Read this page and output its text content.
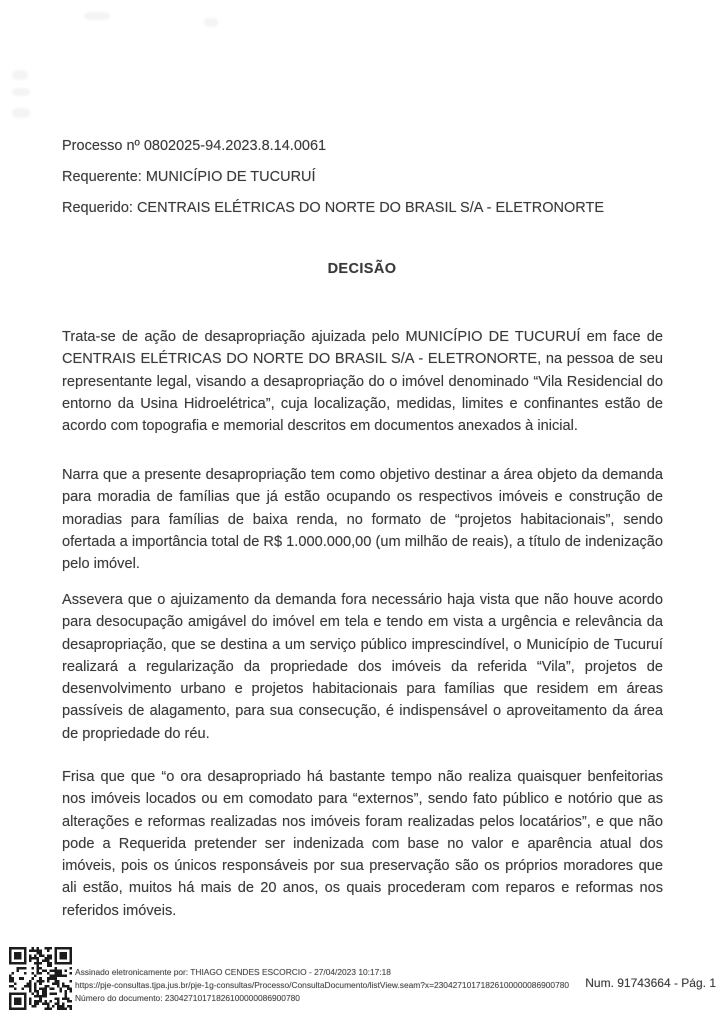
Processo nº 0802025-94.2023.8.14.0061
Requerente: MUNICÍPIO DE TUCURUÍ
Requerido: CENTRAIS ELÉTRICAS DO NORTE DO BRASIL S/A - ELETRONORTE
DECISÃO
Trata-se de ação de desapropriação ajuizada pelo MUNICÍPIO DE TUCURUÍ em face de CENTRAIS ELÉTRICAS DO NORTE DO BRASIL S/A - ELETRONORTE, na pessoa de seu representante legal, visando a desapropriação do o imóvel denominado “Vila Residencial do entorno da Usina Hidroelétrica”, cuja localização, medidas, limites e confinantes estão de acordo com topografia e memorial descritos em documentos anexados à inicial.
Narra que a presente desapropriação tem como objetivo destinar a área objeto da demanda para moradia de famílias que já estão ocupando os respectivos imóveis e construção de moradias para famílias de baixa renda, no formato de “projetos habitacionais”, sendo ofertada a importância total de R$ 1.000.000,00 (um milhão de reais), a título de indenização pelo imóvel.
Assevera que o ajuizamento da demanda fora necessário haja vista que não houve acordo para desocupação amigável do imóvel em tela e tendo em vista a urgência e relevância da desapropriação, que se destina a um serviço público imprescindível, o Município de Tucuruí realizará a regularização da propriedade dos imóveis da referida “Vila”, projetos de desenvolvimento urbano e projetos habitacionais para famílias que residem em áreas passíveis de alagamento, para sua consecução, é indispensável o aproveitamento da área de propriedade do réu.
Frisa que que “o ora desapropriado há bastante tempo não realiza quaisquer benfeitorias nos imóveis locados ou em comodato para “externos”, sendo fato público e notório que as alterações e reformas realizadas nos imóveis foram realizadas pelos locatários”, e que não pode a Requerida pretender ser indenizada com base no valor e aparência atual dos imóveis, pois os únicos responsáveis por sua preservação são os próprios moradores que ali estão, muitos há mais de 20 anos, os quais procederam com reparos e reformas nos referidos imóveis.
Assinado eletronicamente por: THIAGO CENDES ESCORCIO - 27/04/2023 10:17:18
https://pje-consultas.tjpa.jus.br/pje-1g-consultas/Processo/ConsultaDocumento/listView.seam?x=23042710171826100000086900780
Número do documento: 23042710171826100000086900780
Num. 91743664 - Pág. 1
